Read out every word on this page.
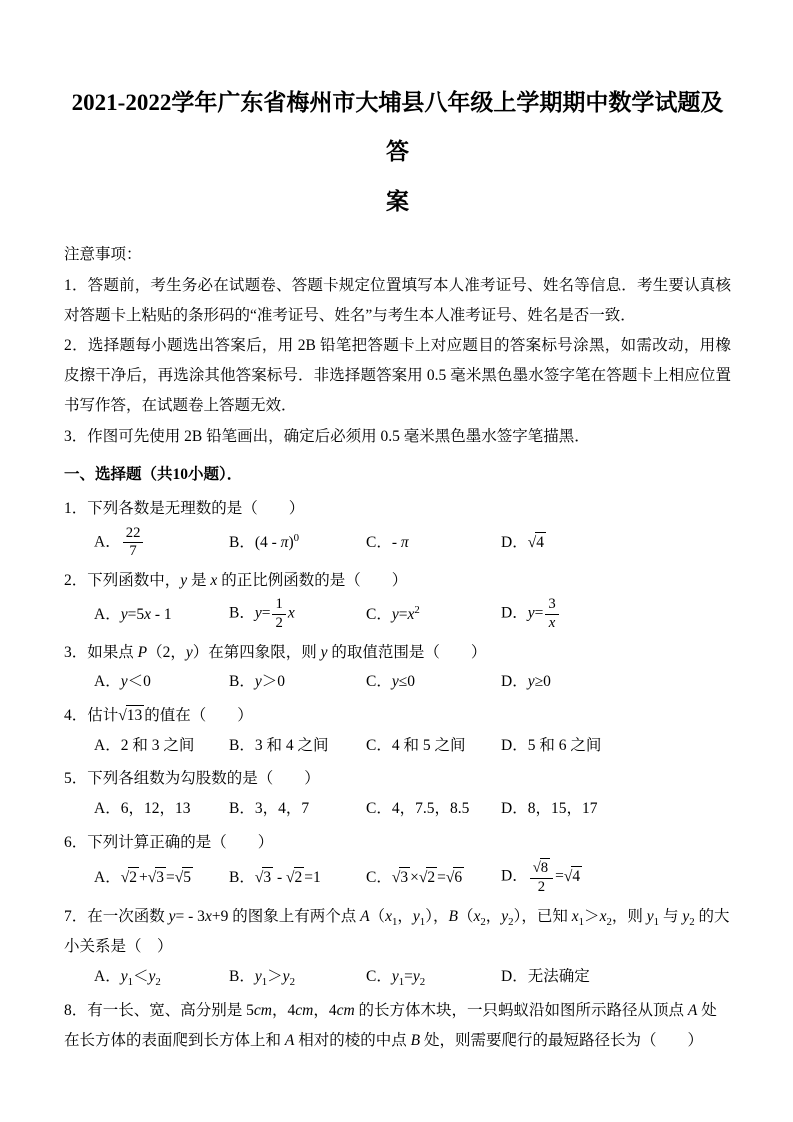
2021-2022学年广东省梅州市大埔县八年级上学期期中数学试题及答
案

注意事项：

1．答题前，考生务必在试题卷、答题卡规定位置填写本人准考证号、姓名等信息．考生要认真核对答题卡上粘贴的条形码的“准考证号、姓名”与考生本人准考证号、姓名是否一致．

2．选择题每小题选出答案后，用 2B 铅笔把答题卡上对应题目的答案标号涂黑，如需改动，用橡皮擦干净后，再选涂其他答案标号．非选择题答案用 0.5 毫米黑色墨水签字笔在答题卡上相应位置书写作答，在试题卷上答题无效．

3．作图可先使用 2B 铅笔画出，确定后必须用 0.5 毫米黑色墨水签字笔描黑．

一、选择题（共10小题）．

1．下列各数是无理数的是（　　）

A． $\frac{22}{7}$	B．(4 - π)$^0$	C．- π	D．√4

2．下列函数中，y 是 x 的正比例函数的是（　　）

A．y=5x - 1	B．$y= \frac{1}{2}$ x	C．$y=x^2$	D．$y= \frac{3}{x}$

3．如果点 P（2，y）在第四象限，则 y 的取值范围是（　　）

A．y＜0	B．y＞0	C．y≤0	D．y≥0

4．估计√13 的值在（　　）

A．2 和 3 之间	B．3 和 4 之间	C．4 和 5 之间	D．5 和 6 之间

5．下列各组数为勾股数的是（　　）

A．6，12，13	B．3，4，7	C．4，7.5，8.5	D．8，15，17

6．下列计算正确的是（　　）

A．√2 +√3 =√5	B．√3 - √2 =1	C．√3 ×√2 =√6	D． $\frac{√8}{2} =√4$

7．在一次函数 y= - 3x+9 的图象上有两个点 $A(x_1$，$y_1$），$B(x_2$，$y_2$），已知 $x_1>x_2$，则 $y_1$ 与 $y_2$ 的大小关系是（　）

A．$y_1<y_2$	B．$y_1>y_2$	C．$y_1=y_2$	D．无法确定

8．有一长、宽、高分别是 5cm，4cm，4cm 的长方体木块，一只蚂蚁沿如图所示路径从顶点 A 处在长方体的表面爬到长方体上和 A 相对的棱的中点 B 处，则需要爬行的最短路径长为（　　）
